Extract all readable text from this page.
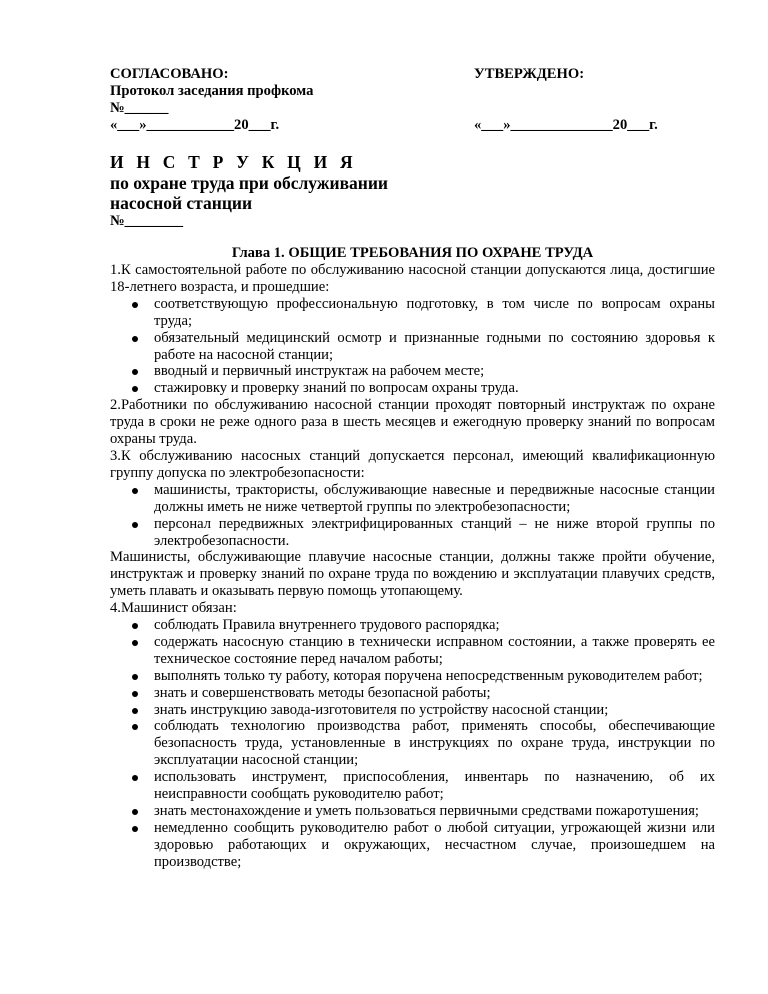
СОГЛАСОВАНО:
Протокол заседания профкома
№______
«___»____________20___г.
УТВЕРЖДЕНО:
«___»______________20___г.
И Н С Т Р У К Ц И Я
по охране труда при обслуживании
насосной станции
№________
Глава 1. ОБЩИЕ ТРЕБОВАНИЯ ПО ОХРАНЕ ТРУДА

1.К самостоятельной работе по обслуживанию насосной станции допускаются лица, достигшие 18-летнего возраста, и прошедшие:

соответствующую профессиональную подготовку, в том числе по вопросам охраны труда;
обязательный медицинский осмотр и признанные годными по состоянию здоровья к работе на насосной станции;
вводный и первичный инструктаж на рабочем месте;
стажировку и проверку знаний по вопросам охраны труда.

2.Работники по обслуживанию насосной станции проходят повторный инструктаж по охране труда в сроки не реже одного раза в шесть месяцев и ежегодную проверку знаний по вопросам охраны труда.

3.К обслуживанию насосных станций допускается персонал, имеющий квалификационную группу допуска по электробезопасности:

машинисты, трактористы, обслуживающие навесные и передвижные насосные станции должны иметь не ниже четвертой группы по электробезопасности;
персонал передвижных электрифицированных станций – не ниже второй группы по электробезопасности.

Машинисты, обслуживающие плавучие насосные станции, должны также пройти обучение, инструктаж и проверку знаний по охране труда по вождению и эксплуатации плавучих средств, уметь плавать и оказывать первую помощь утопающему.

4.Машинист обязан:

соблюдать Правила внутреннего трудового распорядка;
содержать насосную станцию в технически исправном состоянии, а также проверять ее техническое состояние перед началом работы;
выполнять только ту работу, которая поручена непосредственным руководителем работ;
знать и совершенствовать методы безопасной работы;
знать инструкцию завода-изготовителя по устройству насосной станции;
соблюдать технологию производства работ, применять способы, обеспечивающие безопасность труда, установленные в инструкциях по охране труда, инструкции по эксплуатации насосной станции;
использовать инструмент, приспособления, инвентарь по назначению, об их неисправности сообщать руководителю работ;
знать местонахождение и уметь пользоваться первичными средствами пожаротушения;
немедленно сообщить руководителю работ о любой ситуации, угрожающей жизни или здоровью работающих и окружающих, несчастном случае, произошедшем на производстве;
